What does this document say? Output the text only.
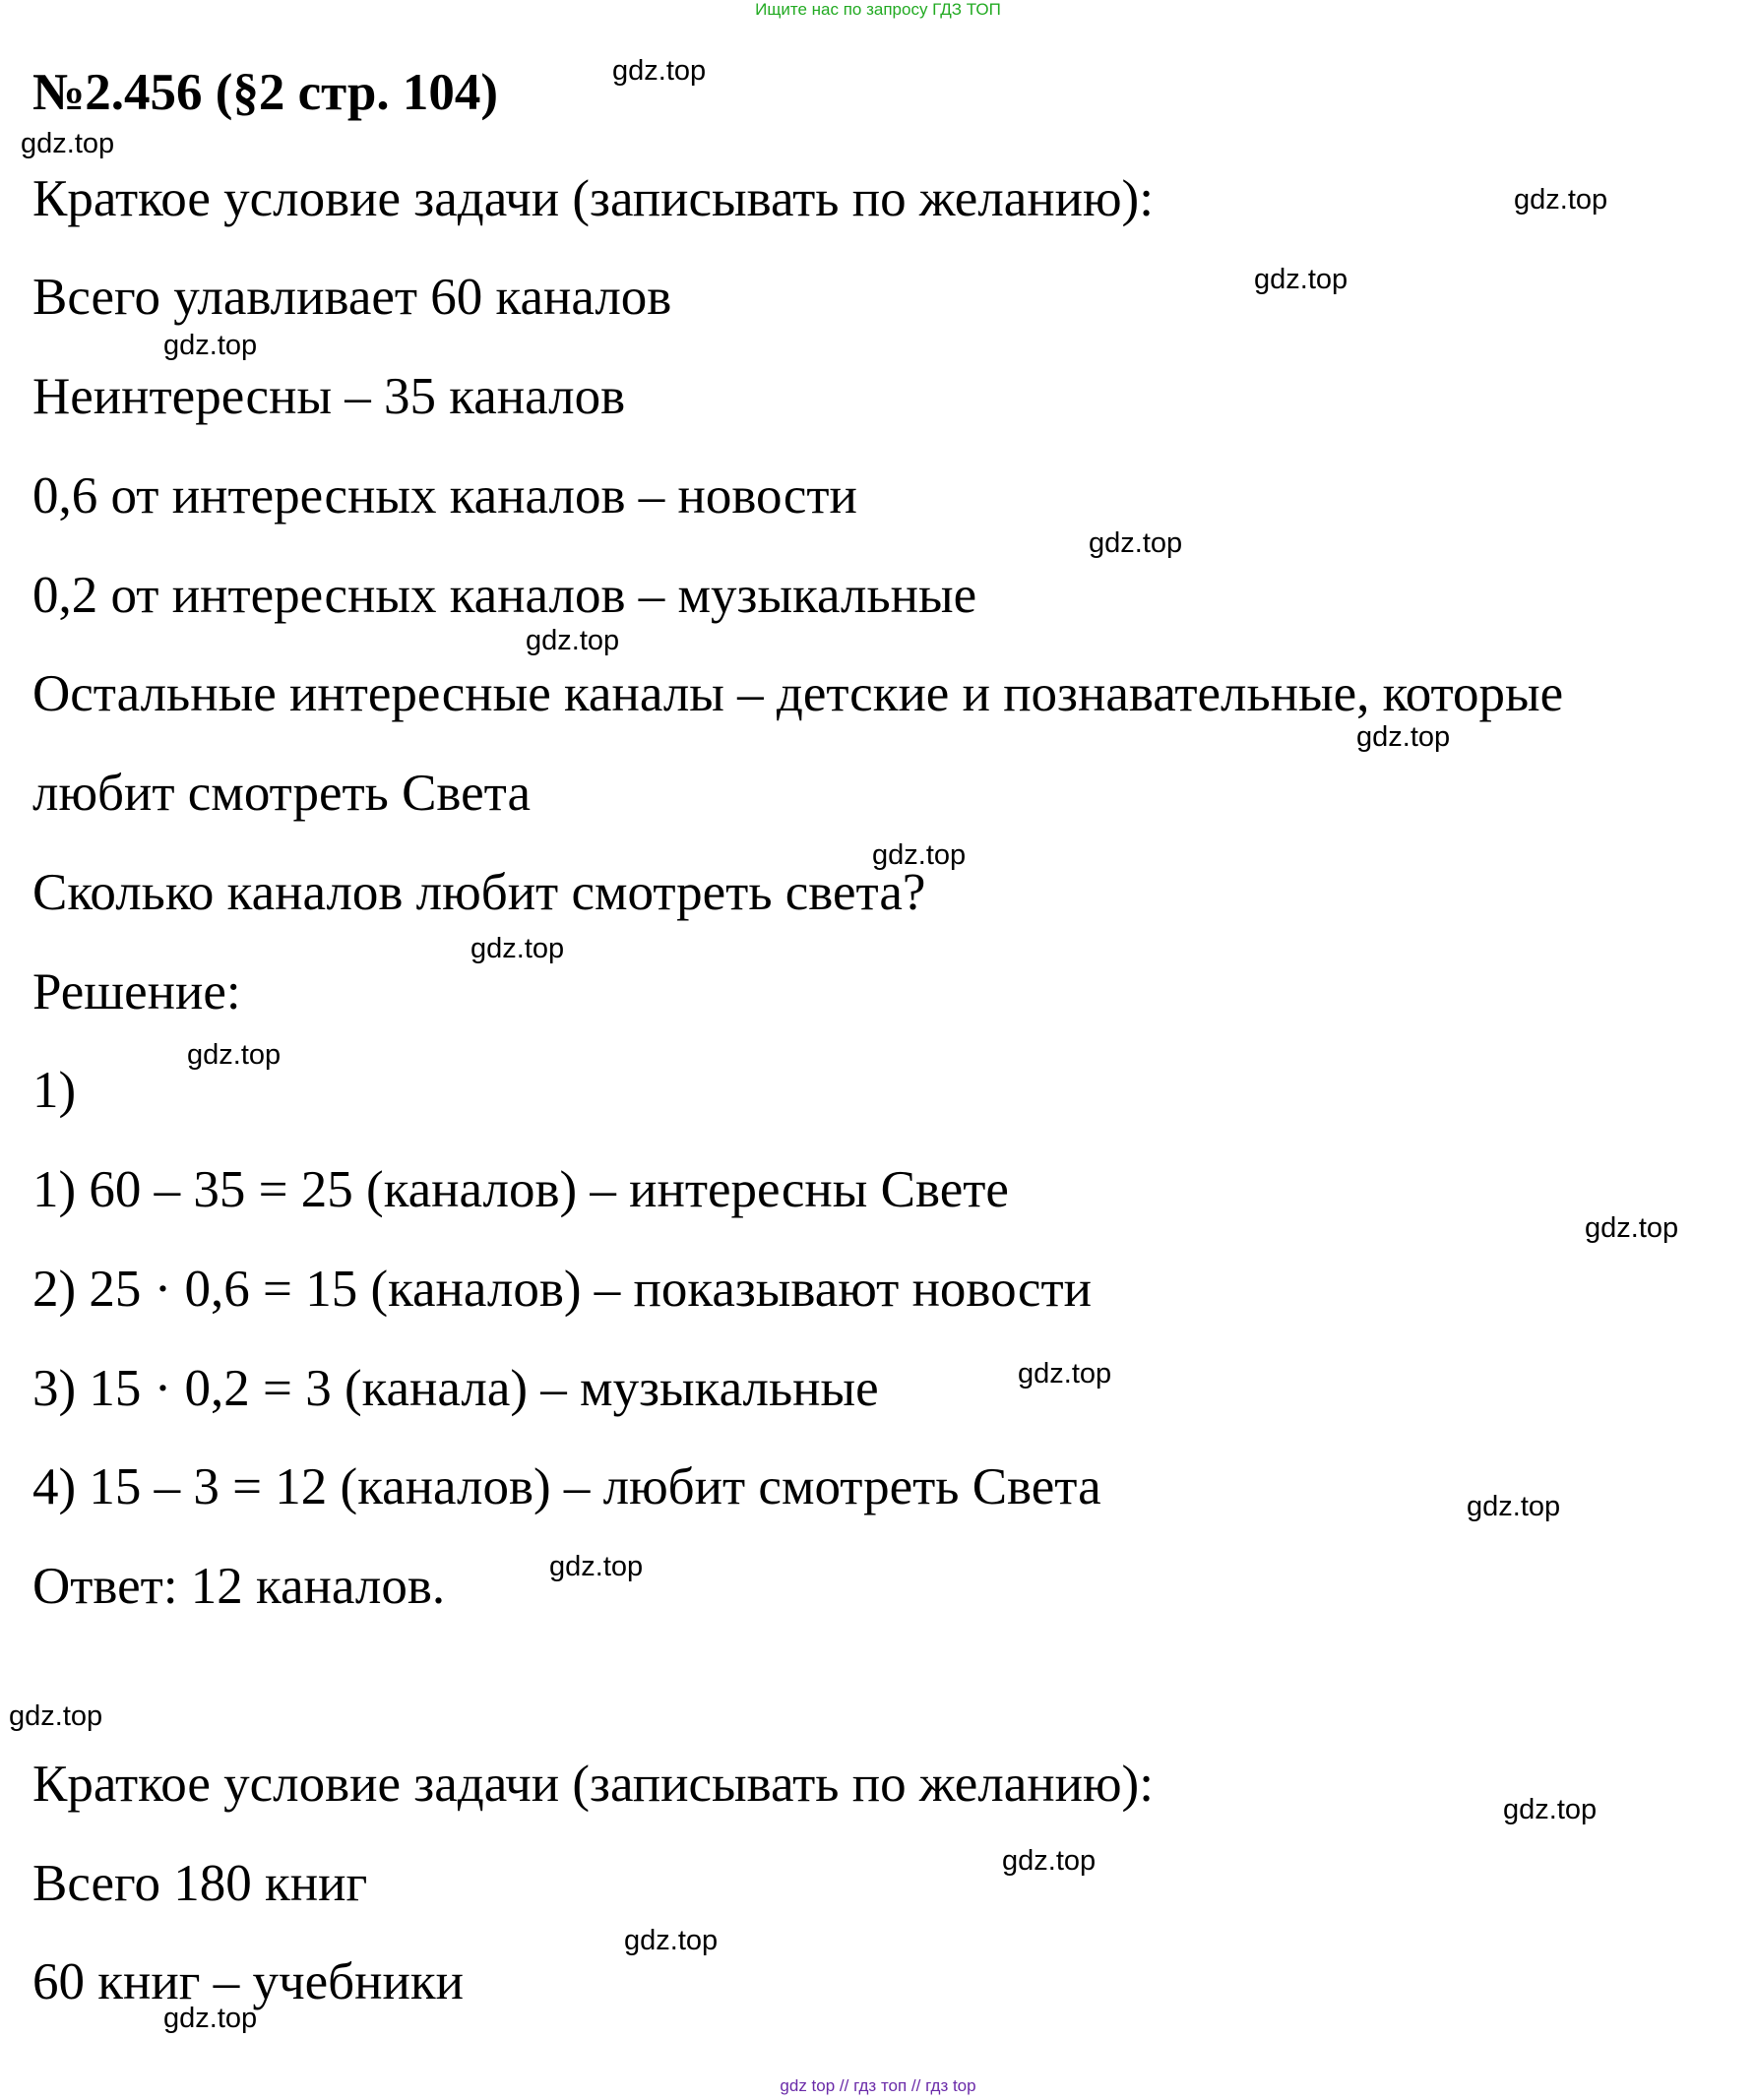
Ищите нас по запросу ГДЗ ТОП
№2.456 (§2 стр. 104)
Краткое условие задачи (записывать по желанию):
Всего улавливает 60 каналов
Неинтересны – 35 каналов
0,6 от интересных каналов – новости
0,2 от интересных каналов – музыкальные
Остальные интересные каналы – детские и познавательные, которые
любит смотреть Света
Сколько каналов любит смотреть света?
Решение:
1)
1) 60 – 35 = 25 (каналов) – интересны Свете
2) 25 · 0,6 = 15 (каналов) – показывают новости
3) 15 · 0,2 = 3 (канала) – музыкальные
4) 15 – 3 = 12 (каналов) – любит смотреть Света
Ответ: 12 каналов.
Краткое условие задачи (записывать по желанию):
Всего 180 книг
60 книг – учебники
gdz.top
gdz.top
gdz.top
gdz.top
gdz.top
gdz.top
gdz.top
gdz.top
gdz.top
gdz.top
gdz.top
gdz.top
gdz.top
gdz.top
gdz.top
gdz.top
gdz.top
gdz.top
gdz.top
gdz.top
gdz top // гдз топ // гдз top
